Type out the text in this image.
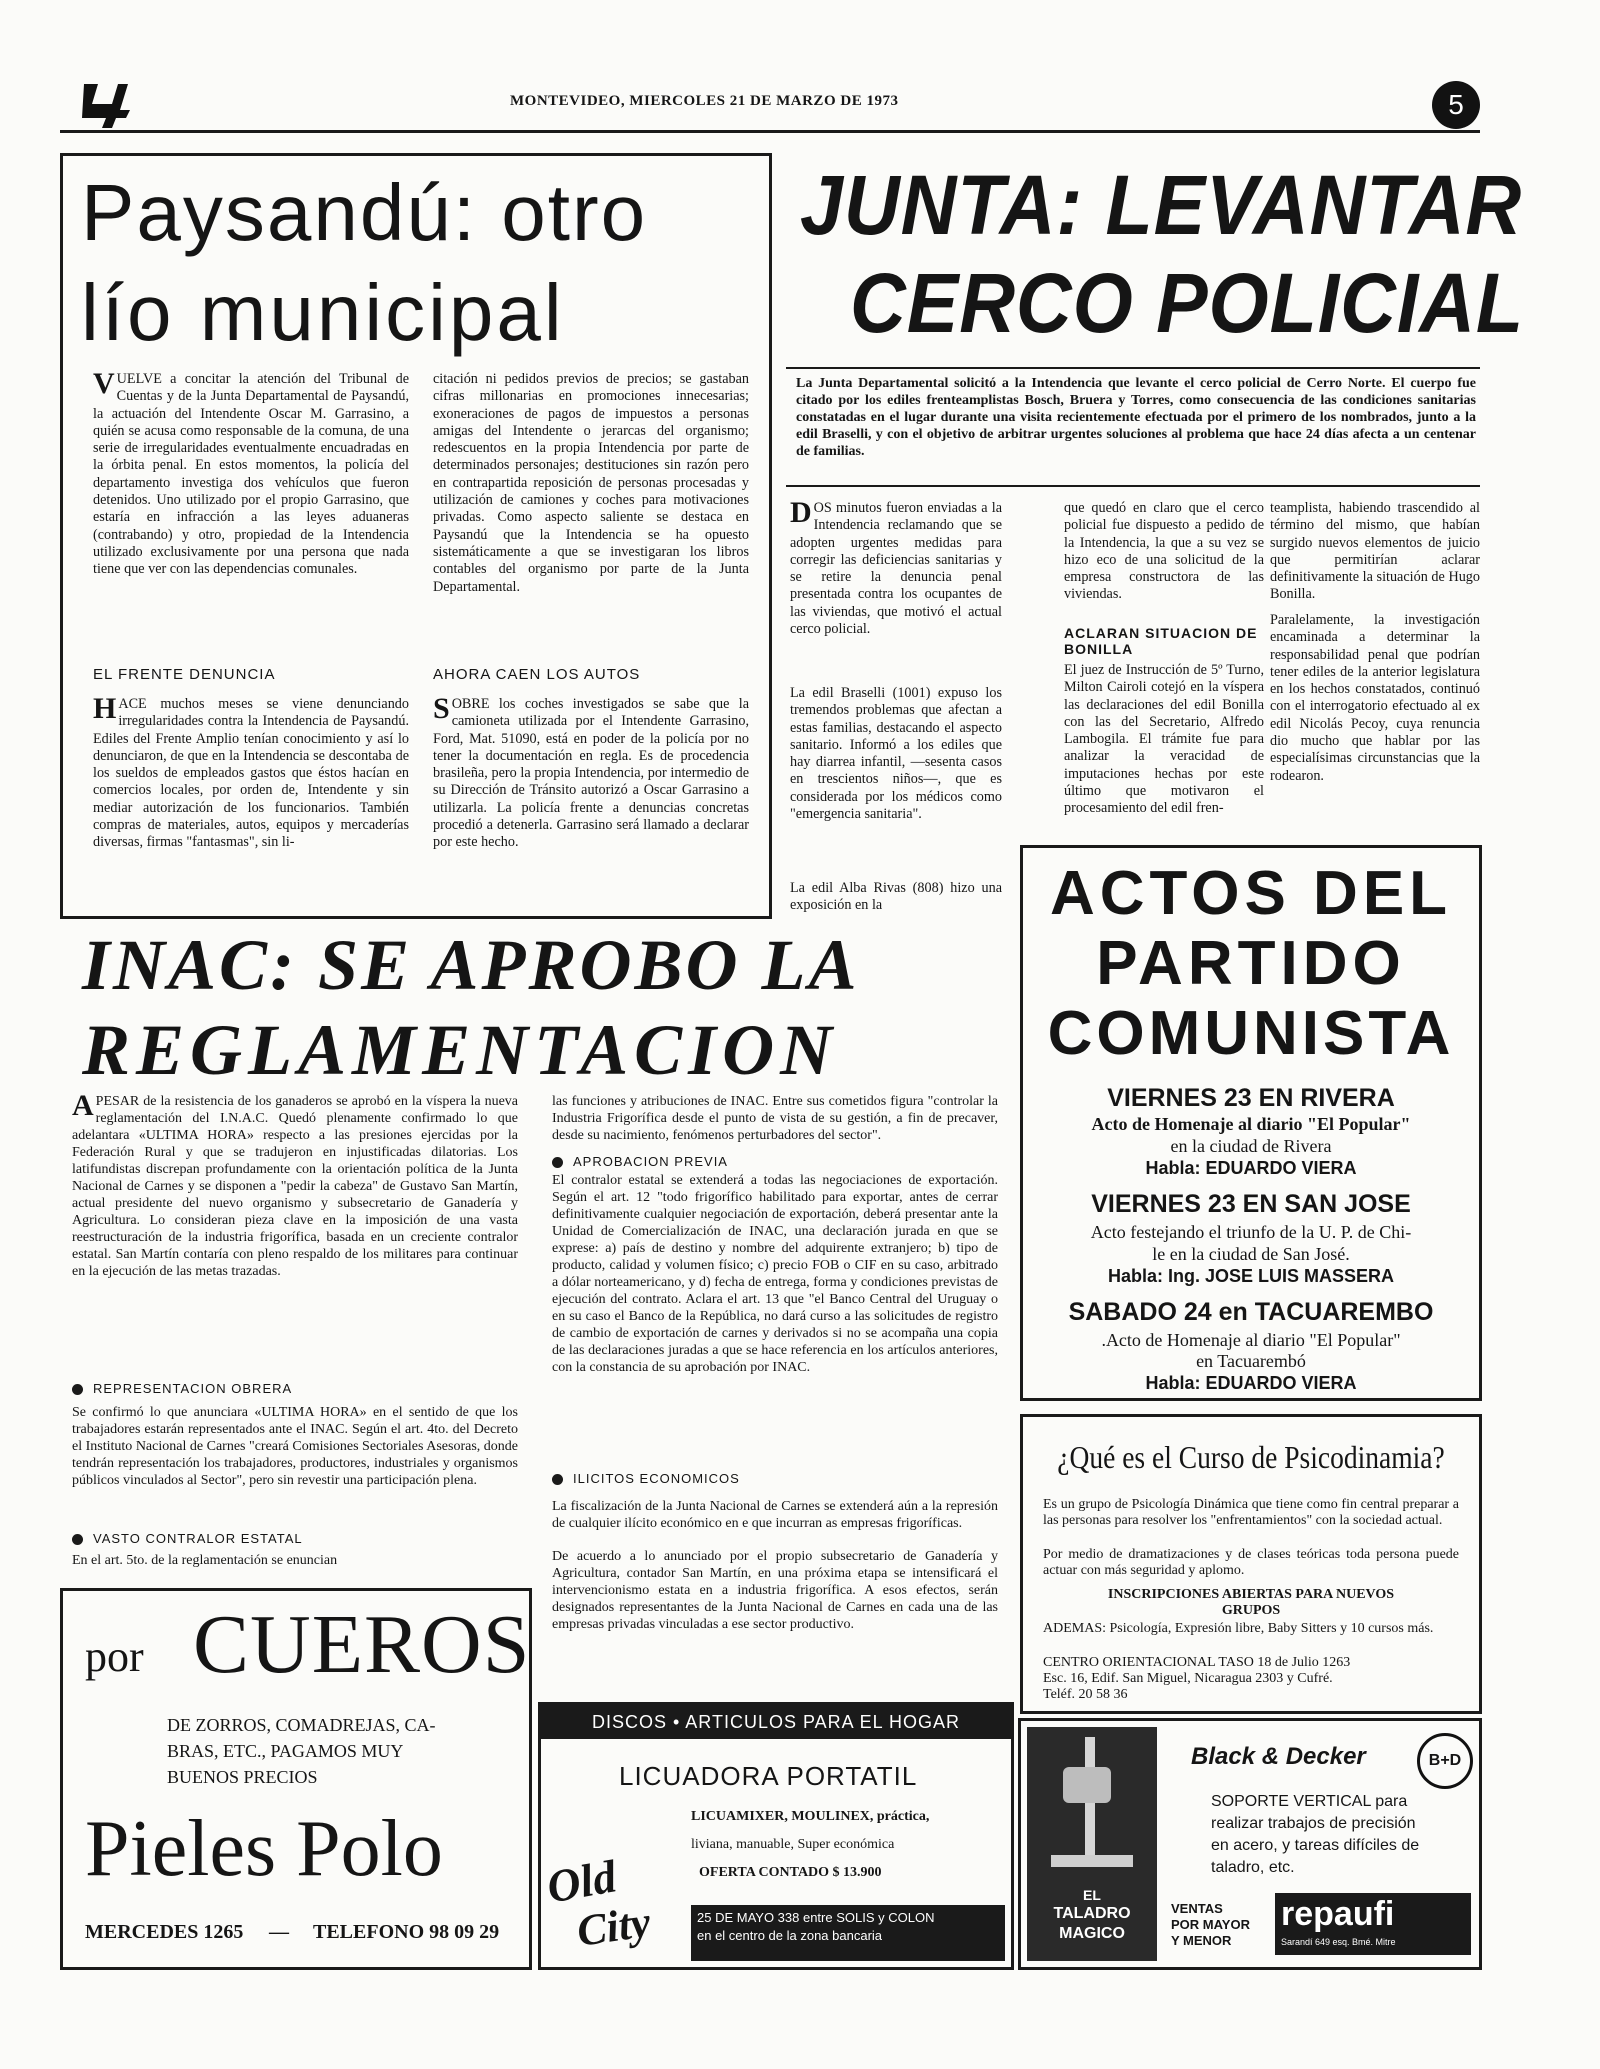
MONTEVIDEO, MIERCOLES 21 DE MARZO DE 1973	5
Paysandú: otro
lío municipal
VUELVE a concitar la atención del Tribunal de Cuentas y de la Junta Departamental de Paysandú, la actuación del Intendente Oscar M. Garrasino, a quién se acusa como responsable de la comuna, de una serie de irregularidades eventualmente encuadradas en la órbita penal. En estos momentos, la policía del departamento investiga dos vehículos que fueron detenidos. Uno utilizado por el propio Garrasino, que estaría en infracción a las leyes aduaneras (contrabando) y otro, propiedad de la Intendencia utilizado exclusivamente por una persona que nada tiene que ver con las dependencias comunales.

EL FRENTE DENUNCIA

HACE muchos meses se viene denunciando irregularidades contra la Intendencia de Paysandú. Ediles del Frente Amplio tenían conocimiento y así lo denunciaron, de que en la Intendencia se descontaba de los sueldos de empleados gastos que éstos hacían en comercios locales, por orden de, Intendente y sin mediar autorización de los funcionarios. También compras de materiales, autos, equipos y mercaderías diversas, firmas "fantasmas", sin li-
citación ni pedidos previos de precios; se gastaban cifras millonarias en promociones innecesarias; exoneraciones de pagos de impuestos a personas amigas del Intendente o jerarcas del organismo; redescuentos en la propia Intendencia por parte de determinados personajes; destituciones sin razón pero en contrapartida reposición de personas procesadas y utilización de camiones y coches para motivaciones privadas. Como aspecto saliente se destaca en Paysandú que la Intendencia se ha opuesto sistemáticamente a que se investigaran los libros contables del organismo por parte de la Junta Departamental.

AHORA CAEN LOS AUTOS

SOBRE los coches investigados se sabe que la camioneta utilizada por el Intendente Garrasino, Ford, Mat. 51090, está en poder de la policía por no tener la documentación en regla. Es de procedencia brasileña, pero la propia Intendencia, por intermedio de su Dirección de Tránsito autorizó a Oscar Garrasino a utilizarla. La policía frente a denuncias concretas procedió a detenerla. Garrasino será llamado a declarar por este hecho.
JUNTA: LEVANTAR
CERCO POLICIAL
La Junta Departamental solicitó a la Intendencia que levante el cerco policial de Cerro Norte. El cuerpo fue citado por los ediles frenteamplistas Bosch, Bruera y Torres, como consecuencia de las condiciones sanitarias constatadas en el lugar durante una visita recientemente efectuada por el primero de los nombrados, junto a la edil Braselli, y con el objetivo de arbitrar urgentes soluciones al problema que hace 24 días afecta a un centenar de familias.
DOS minutos fueron enviadas a la Intendencia reclamando que se adopten urgentes medidas para corregir las deficiencias sanitarias y se retire la denuncia penal presentada contra los ocupantes de las viviendas, que motivó el actual cerco policial.
La edil Braselli (1001) expuso los tremendos problemas que afectan a estas familias, destacando el aspecto sanitario. Informó a los ediles que hay diarrea infantil, —sesenta casos en trescientos niños—, que es considerada por los médicos como "emergencia sanitaria".
La edil Alba Rivas (808) hizo una exposición en la
que quedó en claro que el cerco policial fue dispuesto a pedido de la Intendencia, la que a su vez se hizo eco de una solicitud de la empresa constructora de las viviendas.

ACLARAN SITUACION DE BONILLA

El juez de Instrucción de 5º Turno, Milton Cairoli cotejó en la víspera las declaraciones del edil Bonilla con las del Secretario, Alfredo Lambogila. El trámite fue para analizar la veracidad de imputaciones hechas por este último que motivaron el procesamiento del edil fren-
teamplista, habiendo trascendido al término del mismo, que habían surgido nuevos elementos de juicio que permitirían aclarar definitivamente la situación de Hugo Bonilla.
Paralelamente, la investigación encaminada a determinar la responsabilidad penal que podrían tener ediles de la anterior legislatura en los hechos constatados, continuó con el interrogatorio efectuado al ex edil Nicolás Pecoy, cuya renuncia dio mucho que hablar por las especialísimas circunstancias que la rodearon.
ACTOS DEL
PARTIDO
COMUNISTA
VIERNES 23 EN RIVERA
Acto de Homenaje al diario "El Popular"
en la ciudad de Rivera
Habla: EDUARDO VIERA
VIERNES 23 EN SAN JOSE
Acto festejando el triunfo de la U. P. de Chi-
le en la ciudad de San José.
Habla: Ing. JOSE LUIS MASSERA
SABADO 24 en TACUAREMBO
.Acto de Homenaje al diario "El Popular"
en Tacuarembó
Habla: EDUARDO VIERA
INAC: SE APROBO LA
REGLAMENTACION
APESAR de la resistencia de los ganaderos se aprobó en la víspera la nueva reglamentación del I.N.A.C. Quedó plenamente confirmado lo que adelantara «ULTIMA HORA» respecto a las presiones ejercidas por la Federación Rural y que se tradujeron en injustificadas dilatorias. Los latifundistas discrepan profundamente con la orientación política de la Junta Nacional de Carnes y se disponen a "pedir la cabeza" de Gustavo San Martín, actual presidente del nuevo organismo y subsecretario de Ganadería y Agricultura. Lo consideran pieza clave en la imposición de una vasta reestructuración de la industria frigorífica, basada en un creciente contralor estatal. San Martín contaría con pleno respaldo de los militares para continuar en la ejecución de las metas trazadas.
REPRESENTACION OBRERA
Se confirmó lo que anunciara «ULTIMA HORA» en el sentido de que los trabajadores estarán representados ante el INAC. Según el art. 4to. del Decreto el Instituto Nacional de Carnes "creará Comisiones Sectoriales Asesoras, donde tendrán representación los trabajadores, productores, industriales y organismos públicos vinculados al Sector", pero sin revestir una participación plena.
VASTO CONTRALOR ESTATAL
En el art. 5to. de la reglamentación se enuncian
las funciones y atribuciones de INAC. Entre sus cometidos figura "controlar la Industria Frigorífica desde el punto de vista de su gestión, a fin de precaver, desde su nacimiento, fenómenos perturbadores del sector".
APROBACION PREVIA
El contralor estatal se extenderá a todas las negociaciones de exportación. Según el art. 12 "todo frigorífico habilitado para exportar, antes de cerrar definitivamente cualquier negociación de exportación, deberá presentar ante la Unidad de Comercialización de INAC, una declaración jurada en que se exprese: a) país de destino y nombre del adquirente extranjero; b) tipo de producto, calidad y volumen físico; c) precio FOB o CIF en su caso, arbitrado a dólar norteamericano, y d) fecha de entrega, forma y condiciones previstas de ejecución del contrato. Aclara el art. 13 que "el Banco Central del Uruguay o en su caso el Banco de la República, no dará curso a las solicitudes de registro de cambio de exportación de carnes y derivados si no se acompaña una copia de las declaraciones juradas a que se hace referencia en los artículos anteriores, con la constancia de su aprobación por INAC.
ILICITOS ECONOMICOS
La fiscalización de la Junta Nacional de Carnes se extenderá aún a la represión de cualquier ilícito económico en e que incurran as empresas frigoríficas.
De acuerdo a lo anunciado por el propio subsecretario de Ganadería y Agricultura, contador San Martín, en una próxima etapa se intensificará el intervencionismo estata en a industria frigorífica. A esos efectos, serán designados representantes de la Junta Nacional de Carnes en cada una de las empresas privadas vinculadas a ese sector productivo.
¿Qué es el Curso de Psicodinamia?
Es un grupo de Psicología Dinámica que tiene como fin central preparar a las personas para resolver los "enfrentamientos" con la sociedad actual.
Por medio de dramatizaciones y de clases teóricas toda persona puede actuar con más seguridad y aplomo.
INSCRIPCIONES ABIERTAS PARA NUEVOS
GRUPOS
ADEMAS: Psicología, Expresión libre, Baby Sitters y 10 cursos más.
CENTRO ORIENTACIONAL TASO 18 de Julio 1263
Esc. 16, Edif. San Miguel, Nicaragua 2303 y Cufré.
Teléf. 20 58 36
por CUEROS
DE ZORROS, COMADREJAS, CA-
BRAS, ETC., PAGAMOS MUY
BUENOS PRECIOS
Pieles Polo
MERCEDES 1265 — TELEFONO 98 09 29
DISCOS • ARTICULOS PARA EL HOGAR
LICUADORA PORTATIL
LICUAMIXER, MOULINEX, práctica,
liviana, manuable, Super económica
OFERTA CONTADO $ 13.900
Old
City	25 DE MAYO 338 entre SOLIS y COLON
en el centro de la zona bancaria
EL
TALADRO
MAGICO
Black & Decker	B+D
SOPORTE VERTICAL para
realizar trabajos de precisión
en acero, y tareas difíciles de
taladro, etc.
VENTAS
POR MAYOR
Y MENOR
repaufi
Sarandí 649 esq. Bmé. Mitre
